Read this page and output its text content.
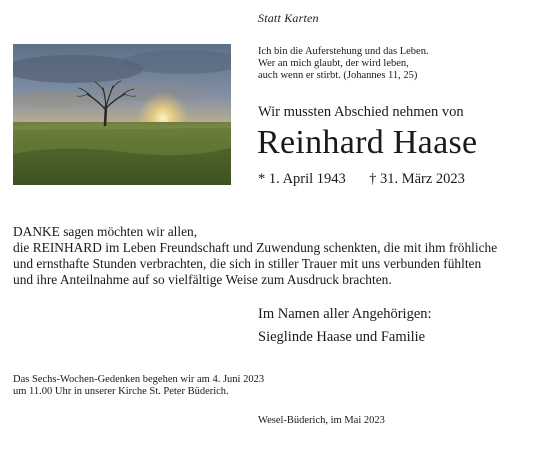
Statt Karten
Ich bin die Auferstehung und das Leben.
Wer an mich glaubt, der wird leben,
auch wenn er stirbt. (Johannes 11, 25)
Wir mussten Abschied nehmen von
Reinhard Haase
* 1. April 1943 † 31. März 2023
DANKE sagen möchten wir allen,
die REINHARD im Leben Freundschaft und Zuwendung schenkten, die mit ihm fröhliche
und ernsthafte Stunden verbrachten, die sich in stiller Trauer mit uns verbunden fühlten
und ihre Anteilnahme auf so vielfältige Weise zum Ausdruck brachten.
Im Namen aller Angehörigen:
Sieglinde Haase und Familie
Das Sechs-Wochen-Gedenken begehen wir am 4. Juni 2023
um 11.00 Uhr in unserer Kirche St. Peter Büderich.
Wesel-Büderich, im Mai 2023
